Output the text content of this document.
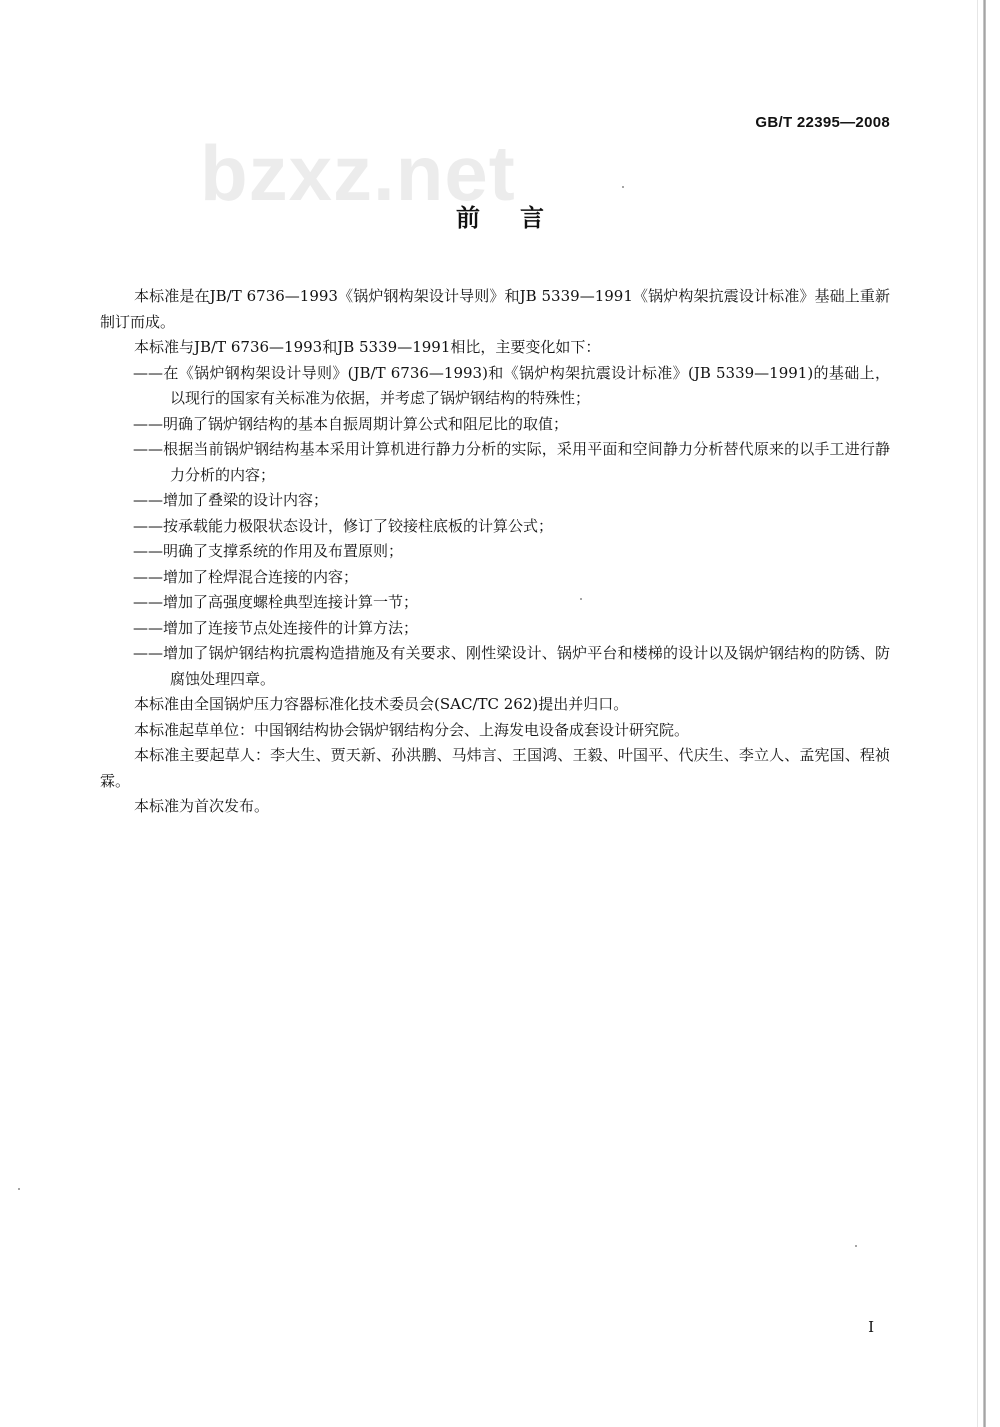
bzxz.net
GB/T 22395—2008
前言

本标准是在JB/T 6736—1993《锅炉钢构架设计导则》和JB 5339—1991《锅炉构架抗震设计标准》基础上重新制订而成。

本标准与JB/T 6736—1993和JB 5339—1991相比，主要变化如下：

——在《锅炉钢构架设计导则》(JB/T 6736—1993)和《锅炉构架抗震设计标准》(JB 5339—1991)的基础上，以现行的国家有关标准为依据，并考虑了锅炉钢结构的特殊性；

——明确了锅炉钢结构的基本自振周期计算公式和阻尼比的取值；

——根据当前锅炉钢结构基本采用计算机进行静力分析的实际，采用平面和空间静力分析替代原来的以手工进行静力分析的内容；

——增加了叠梁的设计内容；

——按承载能力极限状态设计，修订了铰接柱底板的计算公式；

——明确了支撑系统的作用及布置原则；

——增加了栓焊混合连接的内容；

——增加了高强度螺栓典型连接计算一节；

——增加了连接节点处连接件的计算方法；

——增加了锅炉钢结构抗震构造措施及有关要求、刚性梁设计、锅炉平台和楼梯的设计以及锅炉钢结构的防锈、防腐蚀处理四章。

本标准由全国锅炉压力容器标准化技术委员会(SAC/TC 262)提出并归口。

本标准起草单位：中国钢结构协会锅炉钢结构分会、上海发电设备成套设计研究院。

本标准主要起草人：李大生、贾天新、孙洪鹏、马炜言、王国鸿、王毅、叶国平、代庆生、李立人、孟宪国、程祯霖。

本标准为首次发布。

I
